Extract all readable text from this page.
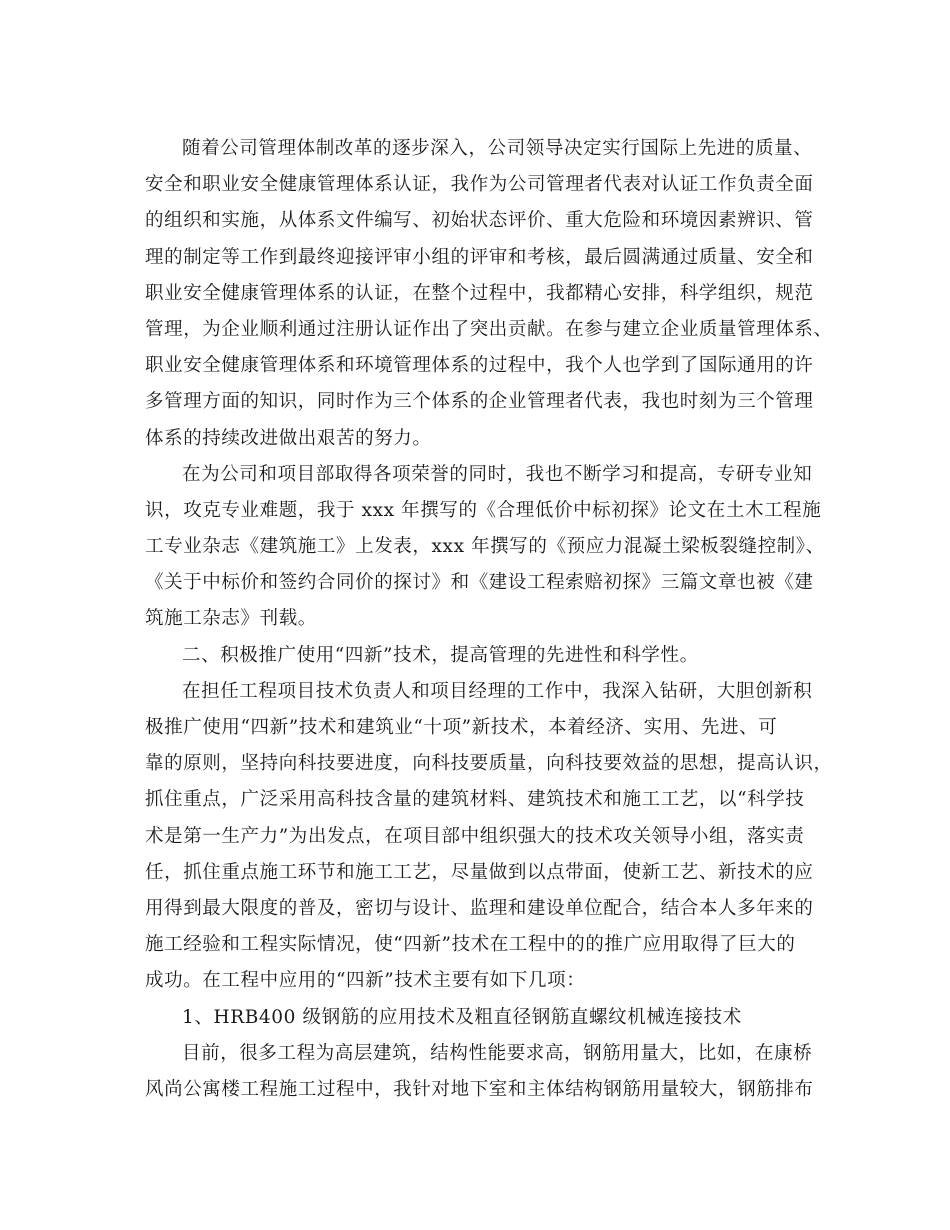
随着公司管理体制改革的逐步深入，公司领导决定实行国际上先进的质量、
安全和职业安全健康管理体系认证，我作为公司管理者代表对认证工作负责全面
的组织和实施，从体系文件编写、初始状态评价、重大危险和环境因素辨识、管
理的制定等工作到最终迎接评审小组的评审和考核，最后圆满通过质量、安全和
职业安全健康管理体系的认证，在整个过程中，我都精心安排，科学组织，规范
管理，为企业顺利通过注册认证作出了突出贡献。在参与建立企业质量管理体系、
职业安全健康管理体系和环境管理体系的过程中，我个人也学到了国际通用的许
多管理方面的知识，同时作为三个体系的企业管理者代表，我也时刻为三个管理
体系的持续改进做出艰苦的努力。
在为公司和项目部取得各项荣誉的同时，我也不断学习和提高，专研专业知
识，攻克专业难题，我于 xxx 年撰写的《合理低价中标初探》论文在土木工程施
工专业杂志《建筑施工》上发表，xxx 年撰写的《预应力混凝土梁板裂缝控制》、
《关于中标价和签约合同价的探讨》和《建设工程索赔初探》三篇文章也被《建
筑施工杂志》刊载。
二、积极推广使用“四新”技术，提高管理的先进性和科学性。
在担任工程项目技术负责人和项目经理的工作中，我深入钻研，大胆创新积
极推广使用“四新”技术和建筑业“十项”新技术，本着经济、实用、先进、可
靠的原则，坚持向科技要进度，向科技要质量，向科技要效益的思想，提高认识，
抓住重点，广泛采用高科技含量的建筑材料、建筑技术和施工工艺，以“科学技
术是第一生产力”为出发点，在项目部中组织强大的技术攻关领导小组，落实责
任，抓住重点施工环节和施工工艺，尽量做到以点带面，使新工艺、新技术的应
用得到最大限度的普及，密切与设计、监理和建设单位配合，结合本人多年来的
施工经验和工程实际情况，使“四新”技术在工程中的的推广应用取得了巨大的
成功。在工程中应用的“四新”技术主要有如下几项：
1、HRB400 级钢筋的应用技术及粗直径钢筋直螺纹机械连接技术
目前，很多工程为高层建筑，结构性能要求高，钢筋用量大，比如，在康桥
风尚公寓楼工程施工过程中，我针对地下室和主体结构钢筋用量较大，钢筋排布
